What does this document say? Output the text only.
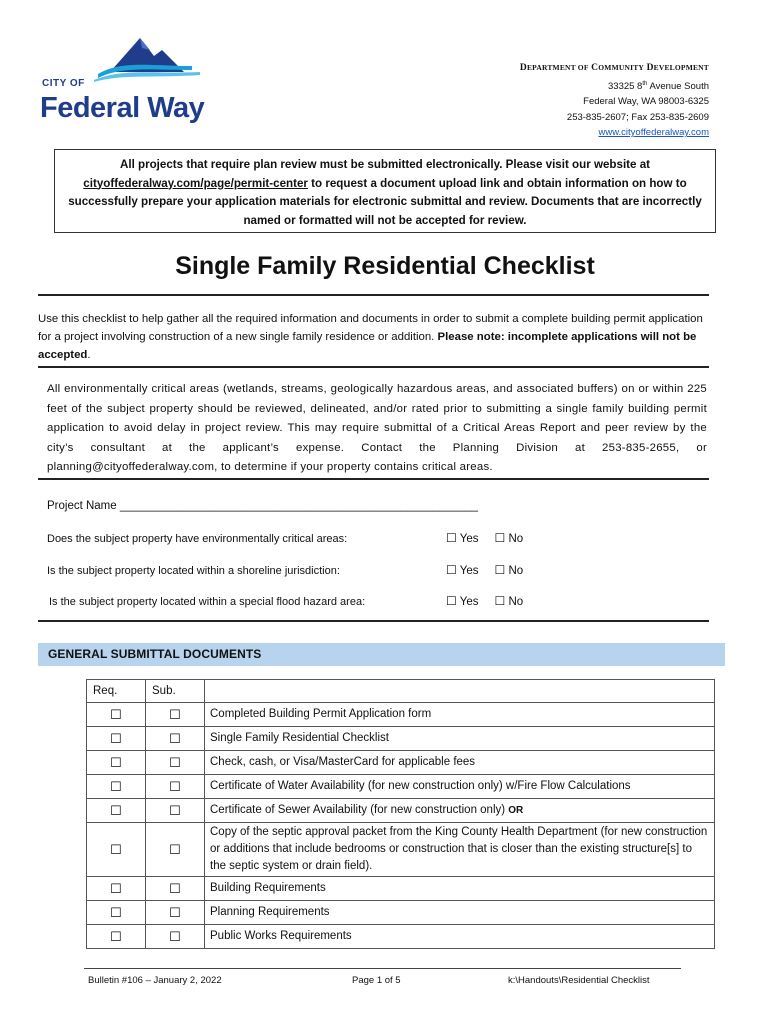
CITY OF
Federal Way
DEPARTMENT OF COMMUNITY DEVELOPMENT
33325 8th Avenue South
Federal Way, WA 98003-6325
253-835-2607; Fax 253-835-2609
www.cityoffederalway.com
All projects that require plan review must be submitted electronically. Please visit our website at
cityoffederalway.com/page/permit-center to request a document upload link and obtain information on how to successfully prepare your application materials for electronic submittal and review. Documents that are incorrectly named or formatted will not be accepted for review.
Single Family Residential Checklist
Use this checklist to help gather all the required information and documents in order to submit a complete building permit application for a project involving construction of a new single family residence or addition. Please note: incomplete applications will not be accepted.
All environmentally critical areas (wetlands, streams, geologically hazardous areas, and associated buffers) on or within 225 feet of the subject property should be reviewed, delineated, and/or rated prior to submitting a single family building permit application to avoid delay in project review. This may require submittal of a Critical Areas Report and peer review by the city’s consultant at the applicant’s expense. Contact the Planning Division at 253-835-2655, or planning@cityoffederalway.com, to determine if your property contains critical areas.
Project Name ________________________________________________________
Does the subject property have environmentally critical areas:	☐ Yes ☐ No
Is the subject property located within a shoreline jurisdiction:	☐ Yes ☐ No
Is the subject property located within a special flood hazard area:	☐ Yes ☐ No
GENERAL SUBMITTAL DOCUMENTS
Req.	Sub.	
☐	☐	Completed Building Permit Application form
☐	☐	Single Family Residential Checklist
☐	☐	Check, cash, or Visa/MasterCard for applicable fees
☐	☐	Certificate of Water Availability (for new construction only) w/Fire Flow Calculations
☐	☐	Certificate of Sewer Availability (for new construction only) OR
☐	☐	Copy of the septic approval packet from the King County Health Department (for new construction or additions that include bedrooms or construction that is closer than the existing structure[s] to the septic system or drain field).
☐	☐	Building Requirements
☐	☐	Planning Requirements
☐	☐	Public Works Requirements
Bulletin #106 – January 2, 2022	Page 1 of 5	k:\Handouts\Residential Checklist
